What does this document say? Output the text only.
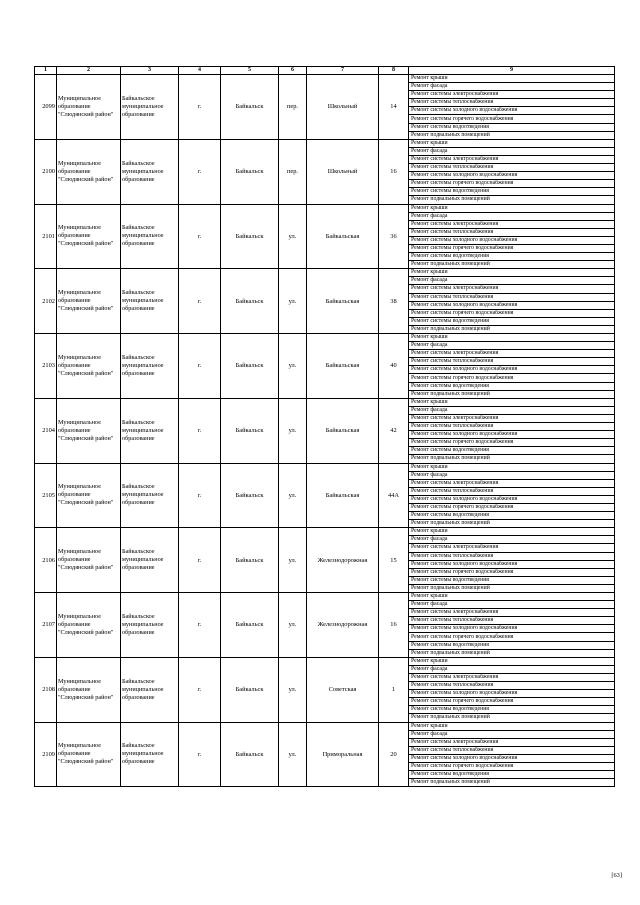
1	2	3	4	5	6	7	8	9
2099	Муниципальное образование "Слюдянский район"	Байкальское муниципальное образование	г.	Байкальск	пер.	Школьный	14	Ремонт крыши
								Ремонт фасада
								Ремонт системы электроснабжения
								Ремонт системы теплоснабжения
								Ремонт системы холодного водоснабжения
								Ремонт системы горячего водоснабжения
								Ремонт системы водоотведения
								Ремонт подвальных помещений
2100	Муниципальное образование "Слюдянский район"	Байкальское муниципальное образование	г.	Байкальск	пер.	Школьный	16	Ремонт крыши
								Ремонт фасада
								Ремонт системы электроснабжения
								Ремонт системы теплоснабжения
								Ремонт системы холодного водоснабжения
								Ремонт системы горячего водоснабжения
								Ремонт системы водоотведения
								Ремонт подвальных помещений
2101	Муниципальное образование "Слюдянский район"	Байкальское муниципальное образование	г.	Байкальск	ул.	Байкальская	36	Ремонт крыши
								Ремонт фасада
								Ремонт системы электроснабжения
								Ремонт системы теплоснабжения
								Ремонт системы холодного водоснабжения
								Ремонт системы горячего водоснабжения
								Ремонт системы водоотведения
								Ремонт подвальных помещений
2102	Муниципальное образование "Слюдянский район"	Байкальское муниципальное образование	г.	Байкальск	ул.	Байкальская	38	Ремонт крыши
								Ремонт фасада
								Ремонт системы электроснабжения
								Ремонт системы теплоснабжения
								Ремонт системы холодного водоснабжения
								Ремонт системы горячего водоснабжения
								Ремонт системы водоотведения
								Ремонт подвальных помещений
2103	Муниципальное образование "Слюдянский район"	Байкальское муниципальное образование	г.	Байкальск	ул.	Байкальская	40	Ремонт крыши
								Ремонт фасада
								Ремонт системы электроснабжения
								Ремонт системы теплоснабжения
								Ремонт системы холодного водоснабжения
								Ремонт системы горячего водоснабжения
								Ремонт системы водоотведения
								Ремонт подвальных помещений
2104	Муниципальное образование "Слюдянский район"	Байкальское муниципальное образование	г.	Байкальск	ул.	Байкальская	42	Ремонт крыши
								Ремонт фасада
								Ремонт системы электроснабжения
								Ремонт системы теплоснабжения
								Ремонт системы холодного водоснабжения
								Ремонт системы горячего водоснабжения
								Ремонт системы водоотведения
								Ремонт подвальных помещений
2105	Муниципальное образование "Слюдянский район"	Байкальское муниципальное образование	г.	Байкальск	ул.	Байкальская	44А	Ремонт крыши
								Ремонт фасада
								Ремонт системы электроснабжения
								Ремонт системы теплоснабжения
								Ремонт системы холодного водоснабжения
								Ремонт системы горячего водоснабжения
								Ремонт системы водоотведения
								Ремонт подвальных помещений
2106	Муниципальное образование "Слюдянский район"	Байкальское муниципальное образование	г.	Байкальск	ул.	Железнодорожная	15	Ремонт крыши
								Ремонт фасада
								Ремонт системы электроснабжения
								Ремонт системы теплоснабжения
								Ремонт системы холодного водоснабжения
								Ремонт системы горячего водоснабжения
								Ремонт системы водоотведения
								Ремонт подвальных помещений
2107	Муниципальное образование "Слюдянский район"	Байкальское муниципальное образование	г.	Байкальск	ул.	Железнодорожная	16	Ремонт крыши
								Ремонт фасада
								Ремонт системы электроснабжения
								Ремонт системы теплоснабжения
								Ремонт системы холодного водоснабжения
								Ремонт системы горячего водоснабжения
								Ремонт системы водоотведения
								Ремонт подвальных помещений
2108	Муниципальное образование "Слюдянский район"	Байкальское муниципальное образование	г.	Байкальск	ул.	Советская	1	Ремонт крыши
								Ремонт фасада
								Ремонт системы электроснабжения
								Ремонт системы теплоснабжения
								Ремонт системы холодного водоснабжения
								Ремонт системы горячего водоснабжения
								Ремонт системы водоотведения
								Ремонт подвальных помещений
2109	Муниципальное образование "Слюдянский район"	Байкальское муниципальное образование	г.	Байкальск	ул.	Приморальная	20	Ремонт крыши
								Ремонт фасада
								Ремонт системы электроснабжения
								Ремонт системы теплоснабжения
								Ремонт системы холодного водоснабжения
								Ремонт системы горячего водоснабжения
								Ремонт системы водоотведения
								Ремонт подвальных помещений
[63]
